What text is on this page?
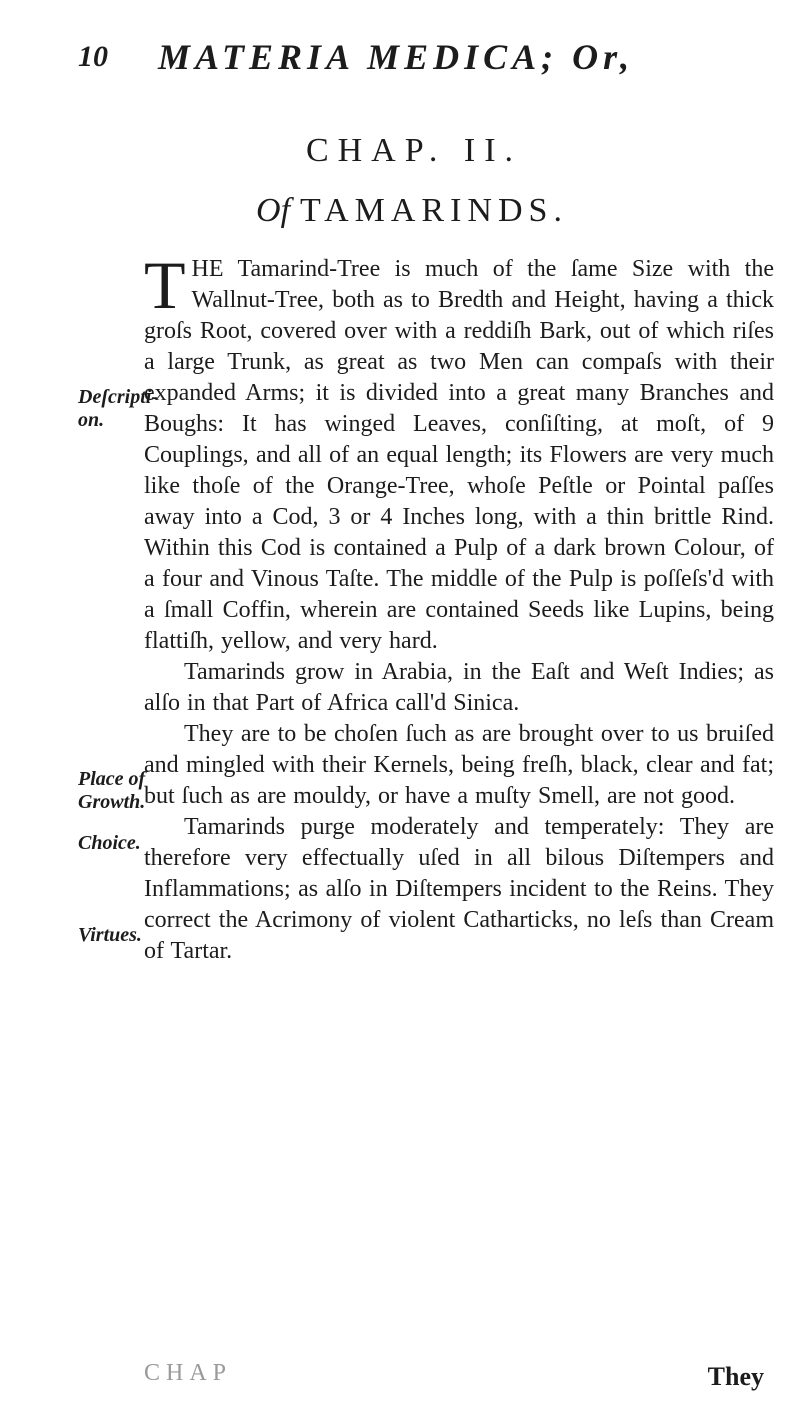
10 MATERIA MEDICA; Or,
CHAP. II.
Of TAMARINDS.
Deſcripti-on.
Place of Growth.
Choice.
Virtues.

THE Tamarind-Tree is much of the ſame Size with the Wallnut-Tree, both as to Bredth and Height, having a thick groſs Root, covered over with a reddiſh Bark, out of which riſes a large Trunk, as great as two Men can compaſs with their expanded Arms; it is divided into a great many Branches and Boughs: It has winged Leaves, conſiſting, at moſt, of 9 Couplings, and all of an equal length; its Flowers are very much like thoſe of the Orange-Tree, whoſe Peſtle or Pointal paſſes away into a Cod, 3 or 4 Inches long, with a thin brittle Rind. Within this Cod is contained a Pulp of a dark brown Colour, of a four and Vinous Taſte. The middle of the Pulp is poſſeſs'd with a ſmall Coffin, wherein are contained Seeds like Lupins, being flattiſh, yellow, and very hard.

Tamarinds grow in Arabia, in the Eaſt and Weſt Indies; as alſo in that Part of Africa call'd Sinica.

They are to be choſen ſuch as are brought over to us bruiſed and mingled with their Kernels, being freſh, black, clear and fat; but ſuch as are mouldy, or have a muſty Smell, are not good.

Tamarinds purge moderately and temperately: They are therefore very effectually uſed in all bilous Diſtempers and Inflammations; as alſo in Diſtempers incident to the Reins. They correct the Acrimony of violent Catharticks, no leſs than Cream of Tartar.

CHAP	They
